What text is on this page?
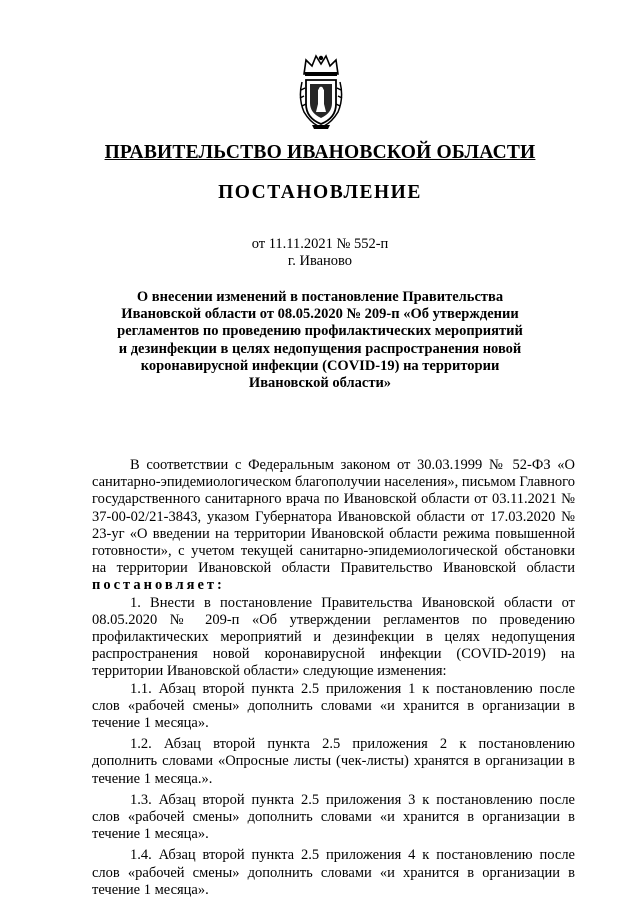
ПРАВИТЕЛЬСТВО ИВАНОВСКОЙ ОБЛАСТИ
ПОСТАНОВЛЕНИЕ
от 11.11.2021 № 552-п
г. Иваново
О внесении изменений в постановление Правительства
Ивановской области от 08.05.2020 № 209-п «Об утверждении
регламентов по проведению профилактических мероприятий
и дезинфекции в целях недопущения распространения новой
коронавирусной инфекции (COVID-19) на территории
Ивановской области»

В соответствии с Федеральным законом от 30.03.1999 № 52-ФЗ «О санитарно-эпидемиологическом благополучии населения», письмом Главного государственного санитарного врача по Ивановской области от 03.11.2021 № 37-00-02/21-3843, указом Губернатора Ивановской области от 17.03.2020 № 23-уг «О введении на территории Ивановской области режима повышенной готовности», с учетом текущей санитарно-эпидемиологической обстановки на территории Ивановской области Правительство Ивановской области постановляет:

1. Внести в постановление Правительства Ивановской области от 08.05.2020 № 209-п «Об утверждении регламентов по проведению профилактических мероприятий и дезинфекции в целях недопущения распространения новой коронавирусной инфекции (COVID-2019) на территории Ивановской области» следующие изменения:

1.1. Абзац второй пункта 2.5 приложения 1 к постановлению после слов «рабочей смены» дополнить словами «и хранится в организации в течение 1 месяца».

1.2. Абзац второй пункта 2.5 приложения 2 к постановлению дополнить словами «Опросные листы (чек-листы) хранятся в организации в течение 1 месяца.».

1.3. Абзац второй пункта 2.5 приложения 3 к постановлению после слов «рабочей смены» дополнить словами «и хранится в организации в течение 1 месяца».

1.4. Абзац второй пункта 2.5 приложения 4 к постановлению после слов «рабочей смены» дополнить словами «и хранится в организации в течение 1 месяца».
